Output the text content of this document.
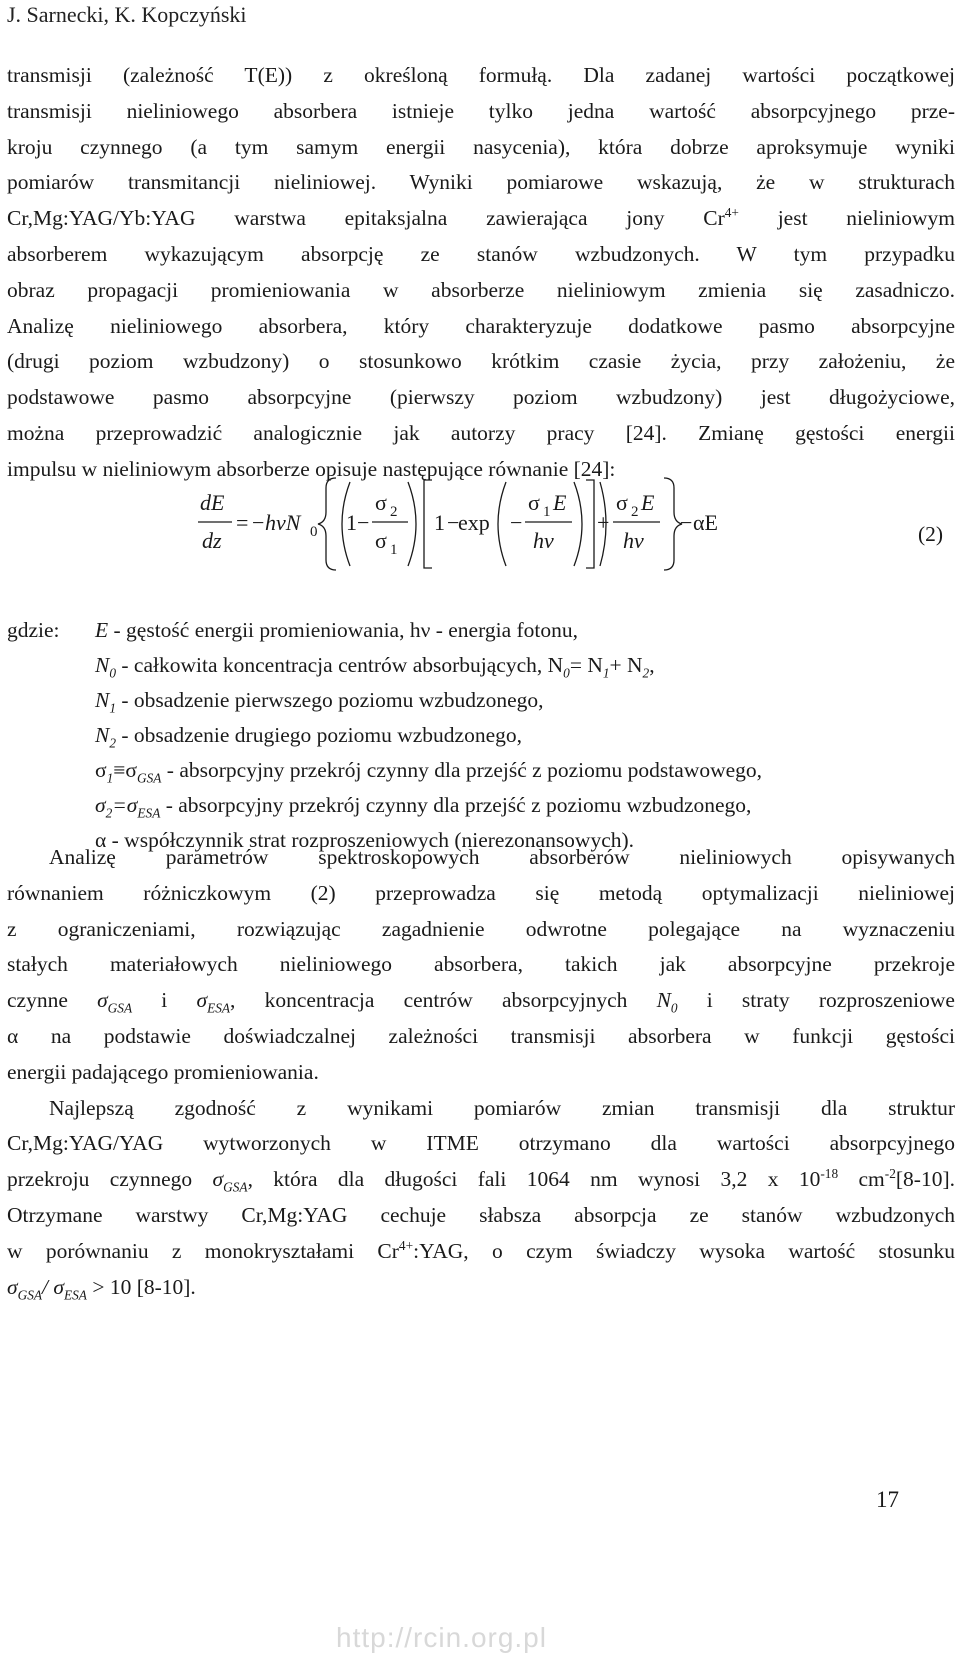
J. Sarnecki, K. Kopczyński

transmisji (zależność T(E)) z określoną formułą. Dla zadanej wartości początkowej

transmisji nieliniowego absorbera istnieje tylko jedna wartość absorpcyjnego prze-

kroju czynnego (a tym samym energii nasycenia), która dobrze aproksymuje wyniki

pomiarów transmitancji nieliniowej. Wyniki pomiarowe wskazują, że w strukturach

Cr,Mg:YAG/Yb:YAG warstwa epitaksjalna zawierająca jony $Cr^{4+}$ jest nieliniowym

absorberem wykazującym absorpcję ze stanów wzbudzonych. W tym przypadku

obraz propagacji promieniowania w absorberze nieliniowym zmienia się zasadniczo.

Analizę nieliniowego absorbera, który charakteryzuje dodatkowe pasmo absorpcyjne

(drugi poziom wzbudzony) o stosunkowo krótkim czasie życia, przy założeniu, że

podstawowe pasmo absorpcyjne (pierwszy poziom wzbudzony) jest długożyciowe,

można przeprowadzić analogicznie jak autorzy pracy [24]. Zmianę gęstości energii

impulsu w nieliniowym absorberze opisuje następujące równanie [24]:

dE
dz
= − hνN 0 1 −
σ 2
σ 1
1 −
exp −
σ 1 E
hν
+
σ 2 E
hν
− αE	(2)
gdzie: E - gęstość energii promieniowania, hν - energia fotonu,
$N_0$ - całkowita koncentracja centrów absorbujących, $N_0= N_1+ N_2$,
$N_1$ - obsadzenie pierwszego poziomu wzbudzonego,
$N_2$ - obsadzenie drugiego poziomu wzbudzonego,
$\sigma_1\equiv\sigma_{GSA}$ - absorpcyjny przekrój czynny dla przejść z poziomu podstawowego,
$\sigma_2=\sigma_{ESA}$ - absorpcyjny przekrój czynny dla przejść z poziomu wzbudzonego,
α - współczynnik strat rozproszeniowych (nierezonansowych).

Analizę parametrów spektroskopowych absorberów nieliniowych opisywanych

równaniem różniczkowym (2) przeprowadza się metodą optymalizacji nieliniowej

z ograniczeniami, rozwiązując zagadnienie odwrotne polegające na wyznaczeniu

stałych materiałowych nieliniowego absorbera, takich jak absorpcyjne przekroje

czynne $\sigma_{GSA}$ i $\sigma_{ESA}$, koncentracja centrów absorpcyjnych $N_0$ i straty rozproszeniowe

α na podstawie doświadczalnej zależności transmisji absorbera w funkcji gęstości

energii padającego promieniowania.

Najlepszą zgodność z wynikami pomiarów zmian transmisji dla struktur

Cr,Mg:YAG/YAG wytworzonych w ITME otrzymano dla wartości absorpcyjnego

przekroju czynnego $\sigma_{GSA}$, która dla długości fali 1064 nm wynosi 3,2 x $10^{-18}$ $cm^{-2}[8-10]$.

Otrzymane warstwy Cr,Mg:YAG cechuje słabsza absorpcja ze stanów wzbudzonych

w porównaniu z monokryształami $Cr^{4+}:YAG$, o czym świadczy wysoka wartość stosunku

$\sigma_{GSA}/$ $\sigma_{ESA} > 10$ [8-10].

17
http://rcin.org.pl
